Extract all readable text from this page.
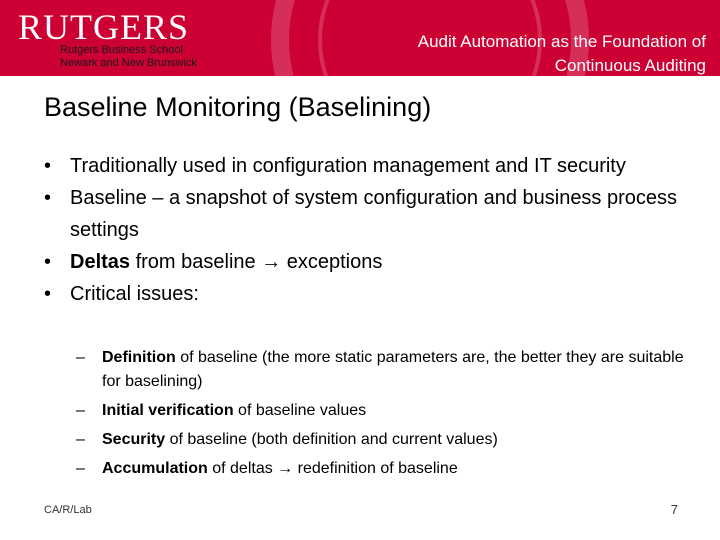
RUTGERS
Rutgers Business School
Newark and New Brunswick
Audit Automation as the Foundation of Continuous Auditing
Baseline Monitoring (Baselining)
• Traditionally used in configuration management and IT security
• Baseline – a snapshot of system configuration and business process settings
• Deltas from baseline → exceptions
• Critical issues:
– Definition of baseline (the more static parameters are, the better they are suitable for baselining)
– Initial verification of baseline values
– Security of baseline (both definition and current values)
– Accumulation of deltas → redefinition of baseline
CA/R/Lab	7
